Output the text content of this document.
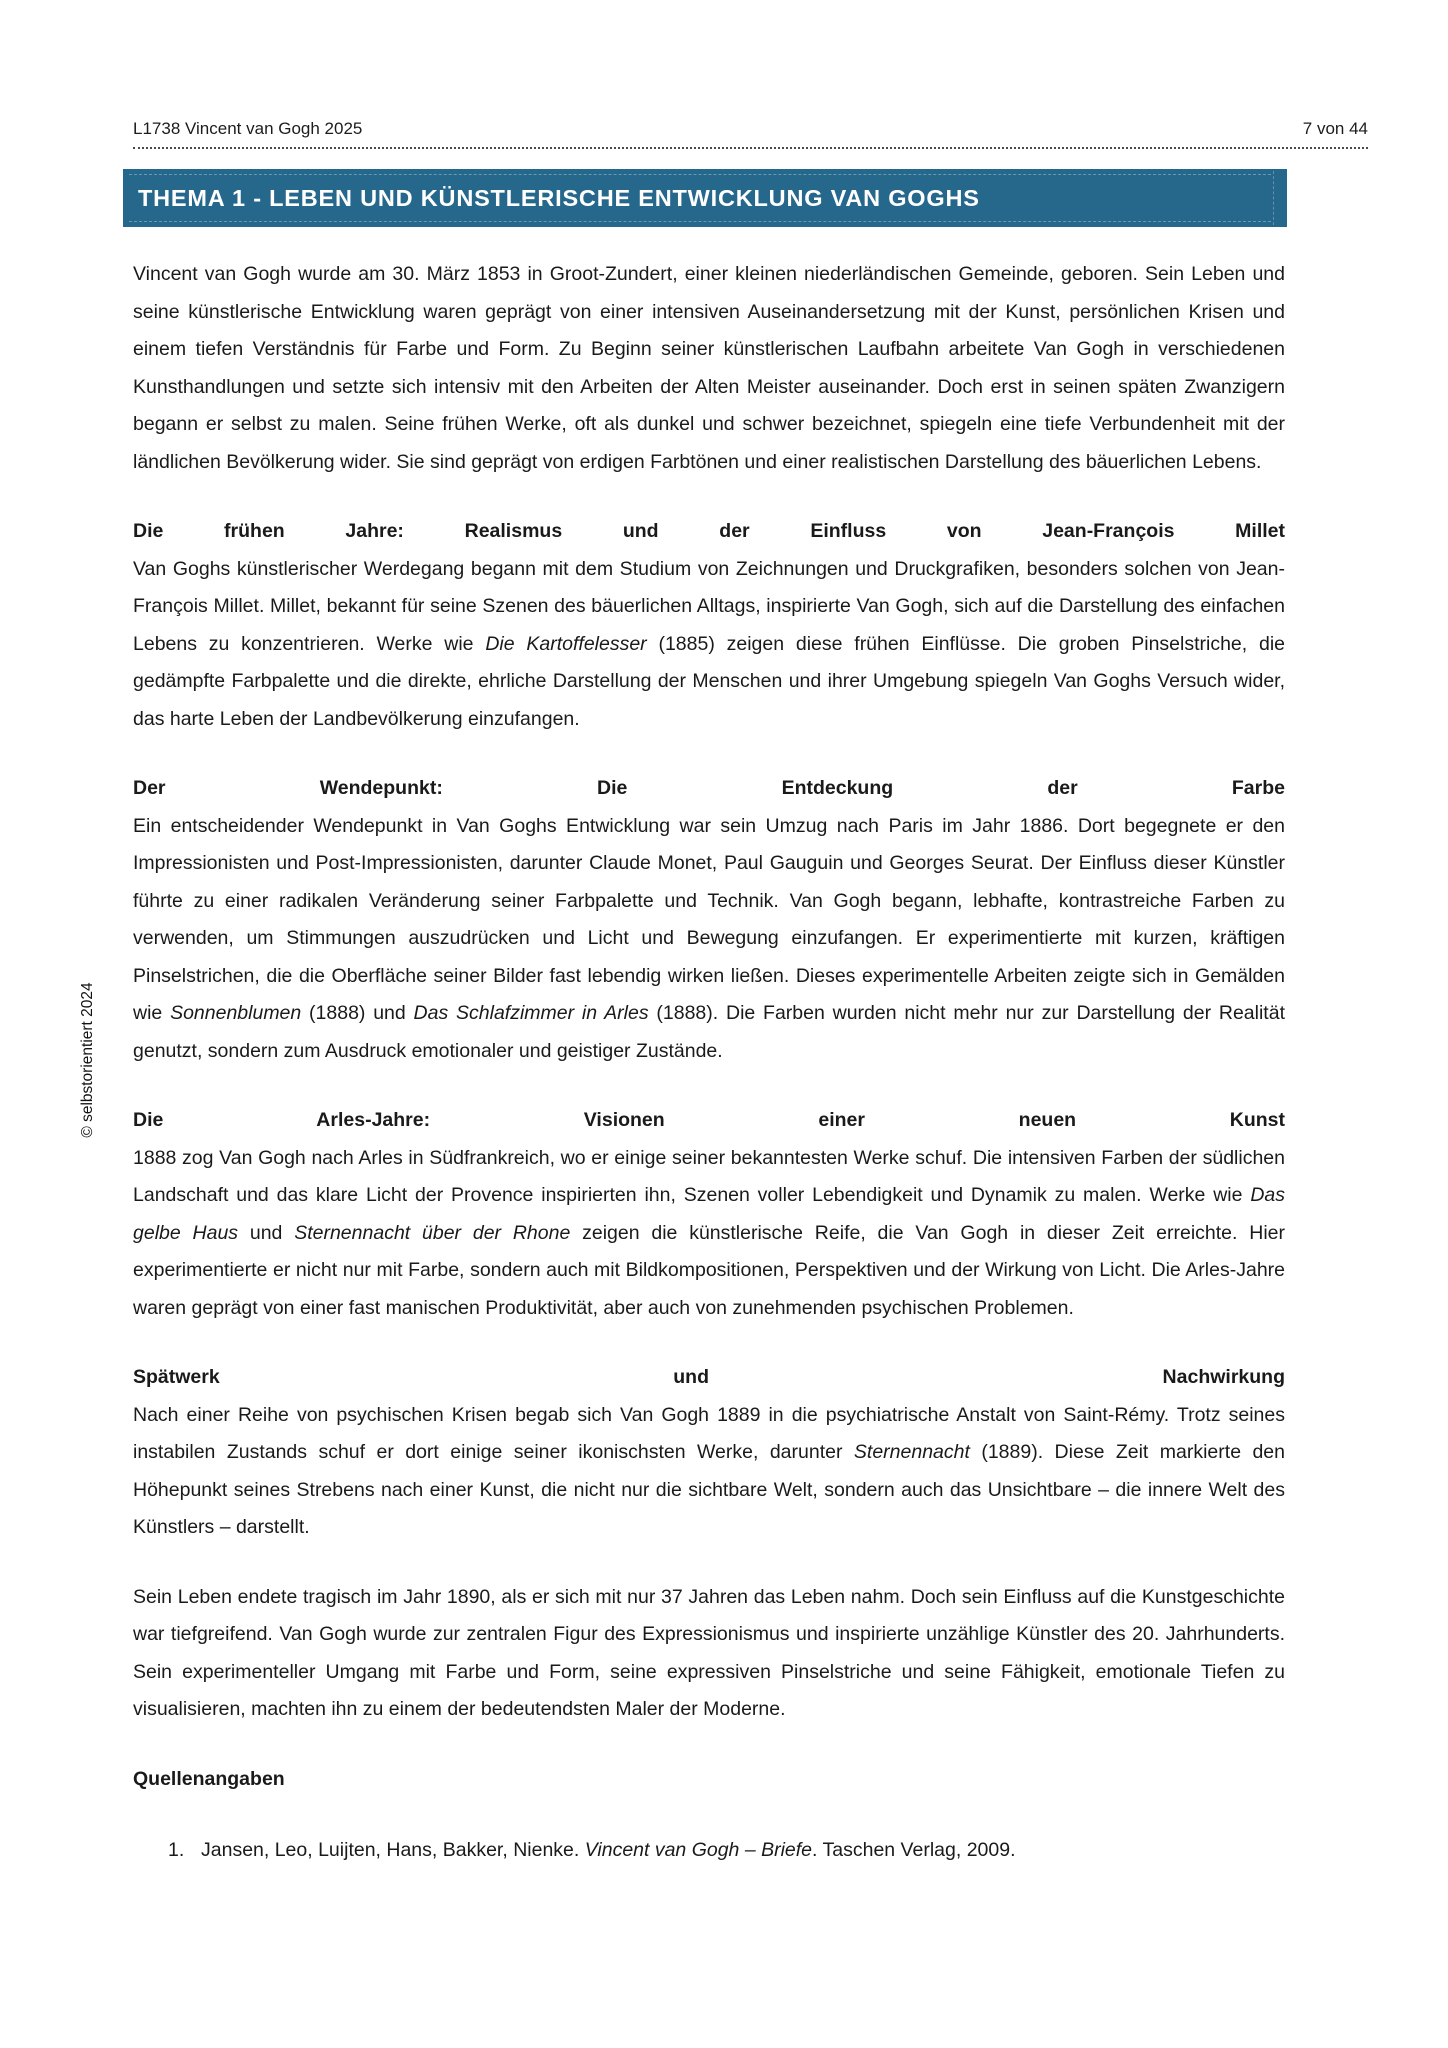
L1738 Vincent van Gogh 2025	7 von 44
© selbstorientiert 2024
THEMA 1 - LEBEN UND KÜNSTLERISCHE ENTWICKLUNG VAN GOGHS

Vincent van Gogh wurde am 30. März 1853 in Groot-Zundert, einer kleinen niederländischen Gemeinde, geboren. Sein Leben und seine künstlerische Entwicklung waren geprägt von einer intensiven Auseinandersetzung mit der Kunst, persönlichen Krisen und einem tiefen Verständnis für Farbe und Form. Zu Beginn seiner künstlerischen Laufbahn arbeitete Van Gogh in verschiedenen Kunsthandlungen und setzte sich intensiv mit den Arbeiten der Alten Meister auseinander. Doch erst in seinen späten Zwanzigern begann er selbst zu malen. Seine frühen Werke, oft als dunkel und schwer bezeichnet, spiegeln eine tiefe Verbundenheit mit der ländlichen Bevölkerung wider. Sie sind geprägt von erdigen Farbtönen und einer realistischen Darstellung des bäuerlichen Lebens.

Die frühen Jahre: Realismus und der Einfluss von Jean-François Millet

Van Goghs künstlerischer Werdegang begann mit dem Studium von Zeichnungen und Druckgrafiken, besonders solchen von Jean-François Millet. Millet, bekannt für seine Szenen des bäuerlichen Alltags, inspirierte Van Gogh, sich auf die Darstellung des einfachen Lebens zu konzentrieren. Werke wie Die Kartoffelesser (1885) zeigen diese frühen Einflüsse. Die groben Pinselstriche, die gedämpfte Farbpalette und die direkte, ehrliche Darstellung der Menschen und ihrer Umgebung spiegeln Van Goghs Versuch wider, das harte Leben der Landbevölkerung einzufangen.

Der Wendepunkt: Die Entdeckung der Farbe

Ein entscheidender Wendepunkt in Van Goghs Entwicklung war sein Umzug nach Paris im Jahr 1886. Dort begegnete er den Impressionisten und Post-Impressionisten, darunter Claude Monet, Paul Gauguin und Georges Seurat. Der Einfluss dieser Künstler führte zu einer radikalen Veränderung seiner Farbpalette und Technik. Van Gogh begann, lebhafte, kontrastreiche Farben zu verwenden, um Stimmungen auszudrücken und Licht und Bewegung einzufangen. Er experimentierte mit kurzen, kräftigen Pinselstrichen, die die Oberfläche seiner Bilder fast lebendig wirken ließen. Dieses experimentelle Arbeiten zeigte sich in Gemälden wie Sonnenblumen (1888) und Das Schlafzimmer in Arles (1888). Die Farben wurden nicht mehr nur zur Darstellung der Realität genutzt, sondern zum Ausdruck emotionaler und geistiger Zustände.

Die Arles-Jahre: Visionen einer neuen Kunst

1888 zog Van Gogh nach Arles in Südfrankreich, wo er einige seiner bekanntesten Werke schuf. Die intensiven Farben der südlichen Landschaft und das klare Licht der Provence inspirierten ihn, Szenen voller Lebendigkeit und Dynamik zu malen. Werke wie Das gelbe Haus und Sternennacht über der Rhone zeigen die künstlerische Reife, die Van Gogh in dieser Zeit erreichte. Hier experimentierte er nicht nur mit Farbe, sondern auch mit Bildkompositionen, Perspektiven und der Wirkung von Licht. Die Arles-Jahre waren geprägt von einer fast manischen Produktivität, aber auch von zunehmenden psychischen Problemen.

Spätwerk und Nachwirkung

Nach einer Reihe von psychischen Krisen begab sich Van Gogh 1889 in die psychiatrische Anstalt von Saint-Rémy. Trotz seines instabilen Zustands schuf er dort einige seiner ikonischsten Werke, darunter Sternennacht (1889). Diese Zeit markierte den Höhepunkt seines Strebens nach einer Kunst, die nicht nur die sichtbare Welt, sondern auch das Unsichtbare – die innere Welt des Künstlers – darstellt.

Sein Leben endete tragisch im Jahr 1890, als er sich mit nur 37 Jahren das Leben nahm. Doch sein Einfluss auf die Kunstgeschichte war tiefgreifend. Van Gogh wurde zur zentralen Figur des Expressionismus und inspirierte unzählige Künstler des 20. Jahrhunderts. Sein experimenteller Umgang mit Farbe und Form, seine expressiven Pinselstriche und seine Fähigkeit, emotionale Tiefen zu visualisieren, machten ihn zu einem der bedeutendsten Maler der Moderne.

Quellenangaben
1. Jansen, Leo, Luijten, Hans, Bakker, Nienke. Vincent van Gogh – Briefe. Taschen Verlag, 2009.
